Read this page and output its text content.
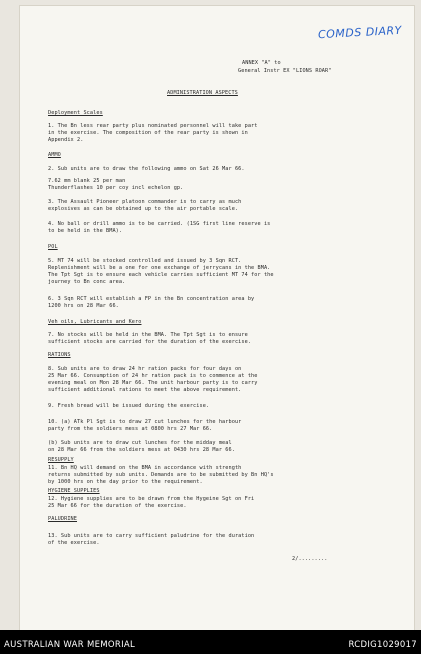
COMDS DIARY
ANNEX "A" to
General Instr EX "LIONS ROAR"
ADMINISTRATION ASPECTS
Deployment Scales
1. The Bn less rear party plus nominated personnel will take part
in the exercise. The composition of the rear party is shown in
Appendix 2.
AMMO
2. Sub units are to draw the following ammo on Sat 26 Mar 66.
7.62 mm blank 25 per man
Thunderflashes 10 per coy incl echelon gp.
3. The Assault Pioneer platoon commander is to carry as much
explosives as can be obtained up to the air portable scale.
4. No ball or drill ammo is to be carried. (1SG first line reserve is
to be held in the BMA).
POL
5. MT 74 will be stocked controlled and issued by 3 Sqn RCT.
Replenishment will be a one for one exchange of jerrycans in the BMA.
The Tpt Sgt is to ensure each vehicle carries sufficient MT 74 for the
journey to Bn conc area.
6. 3 Sqn RCT will establish a FP in the Bn concentration area by
1200 hrs on 28 Mar 66.
Veh oils, Lubricants and Kero
7. No stocks will be held in the BMA. The Tpt Sgt is to ensure
sufficient stocks are carried for the duration of the exercise.
RATIONS
8. Sub units are to draw 24 hr ration packs for four days on
25 Mar 66. Consumption of 24 hr ration pack is to commence at the
evening meal on Mon 28 Mar 66. The unit harbour party is to carry
sufficient additional rations to meet the above requirement.
9. Fresh bread will be issued during the exercise.
10. (a) ATk Pl Sgt is to draw 27 cut lunches for the harbour
party from the soldiers mess at 0800 hrs 27 Mar 66.
(b) Sub units are to draw cut lunches for the midday meal
on 28 Mar 66 from the soldiers mess at 0430 hrs 28 Mar 66.
RESUPPLY
11. Bn HQ will demand on the BMA in accordance with strength
returns submitted by sub units. Demands are to be submitted by Bn HQ's
by 1000 hrs on the day prior to the requirement.
HYGIENE SUPPLIES
12. Hygiene supplies are to be drawn from the Hygeine Sgt on Fri
25 Mar 66 for the duration of the exercise.
PALUDRINE
13. Sub units are to carry sufficient paludrine for the duration
of the exercise.
2/.........
AUSTRALIAN WAR MEMORIAL	RCDIG1029017
